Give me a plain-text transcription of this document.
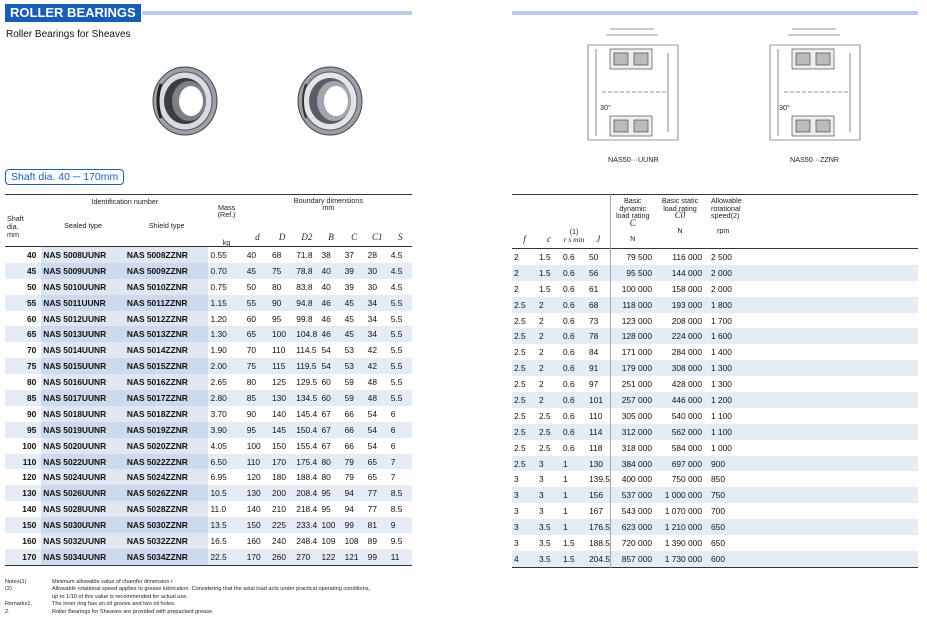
ROLLER BEARINGS
Roller Bearings for Sheaves
30°
NAS50···UUNR
30°
NAS50···ZZNR
Shaft dia. 40 ─ 170mm
Shaft
dia.
mm	Identification number		Mass
(Ref.)

kg	Boundary dimensions
mm						
	Sealed type	Shield type		d	D	D2	B	C	C1	S
40	NAS 5008UUNR	NAS 5008ZZNR	0.55	40	68	71.8	38	37	28	4.5
45	NAS 5009UUNR	NAS 5009ZZNR	0.70	45	75	78.8	40	39	30	4.5
50	NAS 5010UUNR	NAS 5010ZZNR	0.75	50	80	83.8	40	39	30	4.5
55	NAS 5011UUNR	NAS 5011ZZNR	1.15	55	90	94.8	46	45	34	5.5
60	NAS 5012UUNR	NAS 5012ZZNR	1.20	60	95	99.8	46	45	34	5.5
65	NAS 5013UUNR	NAS 5013ZZNR	1.30	65	100	104.8	46	45	34	5.5
70	NAS 5014UUNR	NAS 5014ZZNR	1.90	70	110	114.5	54	53	42	5.5
75	NAS 5015UUNR	NAS 5015ZZNR	2.00	75	115	119.5	54	53	42	5.5
80	NAS 5016UUNR	NAS 5016ZZNR	2.65	80	125	129.5	60	59	48	5.5
85	NAS 5017UUNR	NAS 5017ZZNR	2.80	85	130	134.5	60	59	48	5.5
90	NAS 5018UUNR	NAS 5018ZZNR	3.70	90	140	145.4	67	66	54	6
95	NAS 5019UUNR	NAS 5019ZZNR	3.90	95	145	150.4	67	66	54	6
100	NAS 5020UUNR	NAS 5020ZZNR	4.05	100	150	155.4	67	66	54	6
110	NAS 5022UUNR	NAS 5022ZZNR	6.50	110	170	175.4	80	79	65	7
120	NAS 5024UUNR	NAS 5024ZZNR	6.95	120	180	188.4	80	79	65	7
130	NAS 5026UUNR	NAS 5026ZZNR	10.5	130	200	208.4	95	94	77	8.5
140	NAS 5028UUNR	NAS 5028ZZNR	11.0	140	210	218.4	95	94	77	8.5
150	NAS 5030UUNR	NAS 5030ZZNR	13.5	150	225	233.4	100	99	81	9
160	NAS 5032UUNR	NAS 5032ZZNR	16.5	160	240	248.4	109	108	89	9.5
170	NAS 5034UUNR	NAS 5034ZZNR	22.5	170	260	270	122	121	99	11
f	c	(1)
r s min	J	Basic dynamic
load rating
C

N	Basic static
load rating
C0

N	Allowable
rotational
speed(2)

rpm
2	1.5	0.6	50	79 500	116 000	2 500
2	1.5	0.6	56	95 500	144 000	2 000
2	1.5	0.6	61	100 000	158 000	2 000
2.5	2	0.6	68	118 000	193 000	1 800
2.5	2	0.6	73	123 000	208 000	1 700
2.5	2	0.6	78	128 000	224 000	1 600
2.5	2	0.6	84	171 000	284 000	1 400
2.5	2	0.6	91	179 000	308 000	1 300
2.5	2	0.6	97	251 000	428 000	1 300
2.5	2	0.6	101	257 000	446 000	1 200
2.5	2.5	0.6	110	305 000	540 000	1 100
2.5	2.5	0.6	114	312 000	562 000	1 100
2.5	2.5	0.6	118	318 000	584 000	1 000
2.5	3	1	130	384 000	697 000	900
3	3	1	139.5	400 000	750 000	850
3	3	1	156	537 000	1 000 000	750
3	3	1	167	543 000	1 070 000	700
3	3.5	1	176.5	623 000	1 210 000	650
3	3.5	1.5	188.5	720 000	1 390 000	650
4	3.5	1.5	204.5	857 000	1 730 000	600
Notes(1)	Minimum allowable value of chamfer dimension r
(2)	Allowable rotational speed applies to grease lubrication. Considering that the axial load acts under practical operating conditions,
up to 1/10 of this value is recommended for actual use.
Remarks1.	The inner ring has an oil groove and two oil holes.
2.	Roller Bearings for Sheaves are provided with prepacked grease.
